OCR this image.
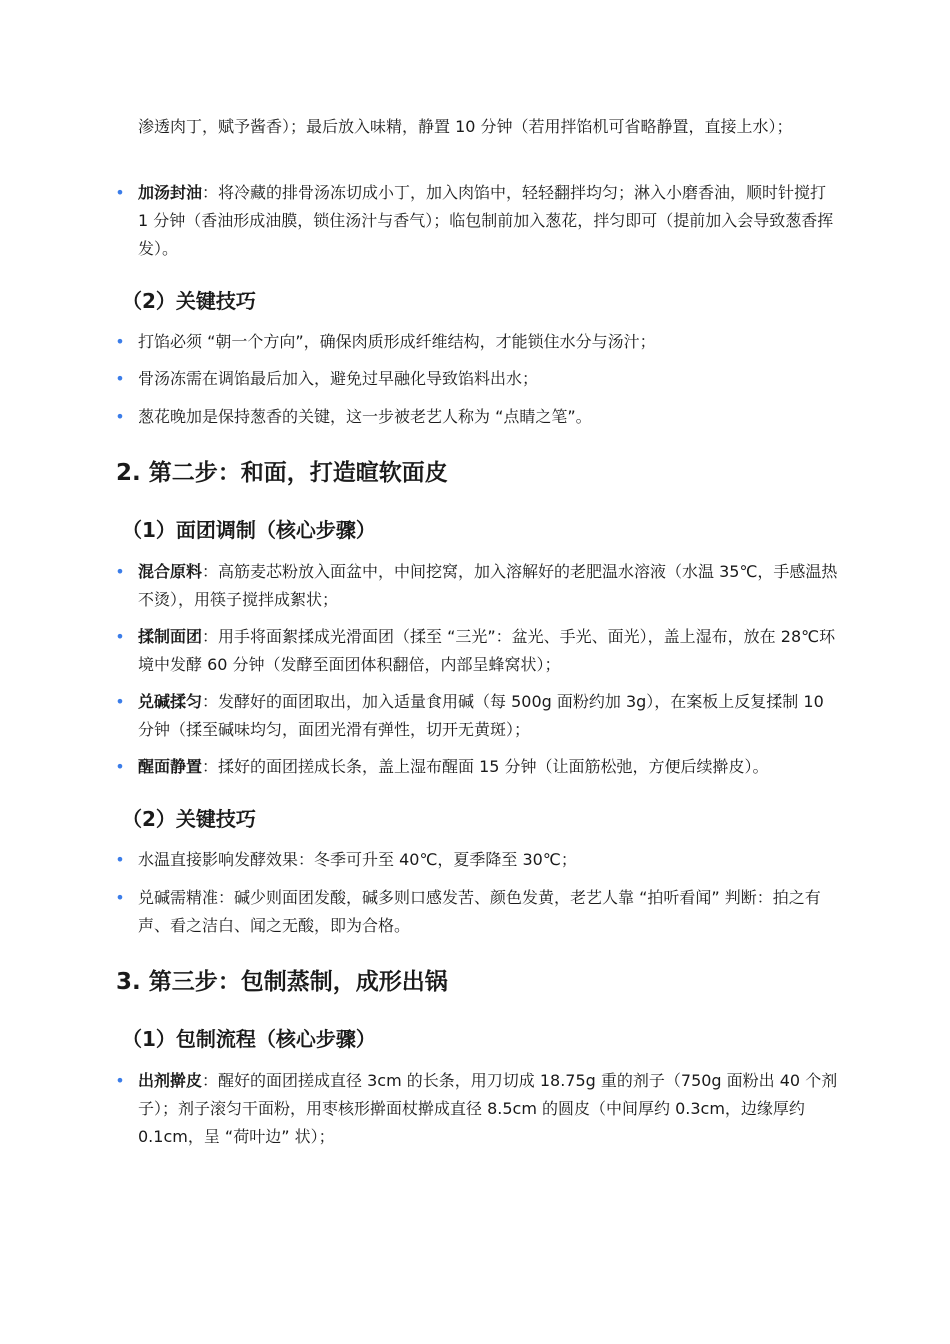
渗透肉丁，赋予酱香）；最后放入味精，静置 10 分钟（若用拌馅机可省略静置，直接上水）；

• 加汤封油：将冷藏的排骨汤冻切成小丁，加入肉馅中，轻轻翻拌均匀；淋入小磨香油，顺时针搅打 1 分钟（香油形成油膜，锁住汤汁与香气）；临包制前加入葱花，拌匀即可（提前加入会导致葱香挥发）。
（2）关键技巧
• 打馅必须 “朝一个方向”，确保肉质形成纤维结构，才能锁住水分与汤汁；
• 骨汤冻需在调馅最后加入，避免过早融化导致馅料出水；
• 葱花晚加是保持葱香的关键，这一步被老艺人称为 “点睛之笔”。
2. 第二步：和面，打造暄软面皮
（1）面团调制（核心步骤）
• 混合原料：高筋麦芯粉放入面盆中，中间挖窝，加入溶解好的老肥温水溶液（水温 35℃，手感温热不烫），用筷子搅拌成絮状；
• 揉制面团：用手将面絮揉成光滑面团（揉至 “三光”：盆光、手光、面光），盖上湿布，放在 28℃环境中发酵 60 分钟（发酵至面团体积翻倍，内部呈蜂窝状）；
• 兑碱揉匀：发酵好的面团取出，加入适量食用碱（每 500g 面粉约加 3g），在案板上反复揉制 10 分钟（揉至碱味均匀，面团光滑有弹性，切开无黄斑）；
• 醒面静置：揉好的面团搓成长条，盖上湿布醒面 15 分钟（让面筋松弛，方便后续擀皮）。
（2）关键技巧
• 水温直接影响发酵效果：冬季可升至 40℃，夏季降至 30℃；
• 兑碱需精准：碱少则面团发酸，碱多则口感发苦、颜色发黄，老艺人靠 “拍听看闻” 判断：拍之有声、看之洁白、闻之无酸，即为合格。
3. 第三步：包制蒸制，成形出锅
（1）包制流程（核心步骤）
• 出剂擀皮：醒好的面团搓成直径 3cm 的长条，用刀切成 18.75g 重的剂子（750g 面粉出 40 个剂子）；剂子滚匀干面粉，用枣核形擀面杖擀成直径 8.5cm 的圆皮（中间厚约 0.3cm，边缘厚约 0.1cm，呈 “荷叶边” 状）；
